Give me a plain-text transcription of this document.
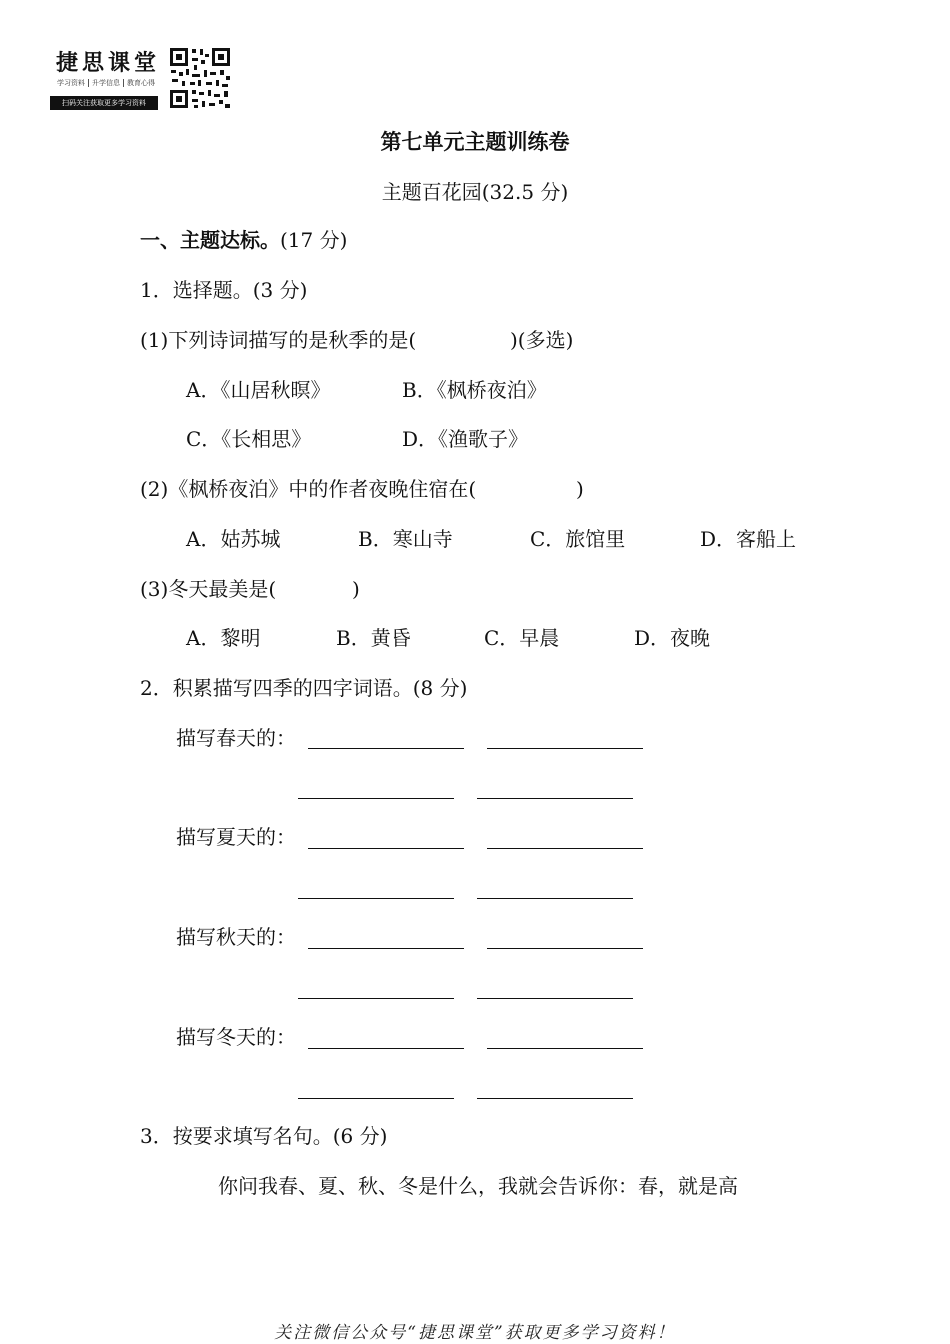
捷思课堂
学习资料 升学信息 教育心得
扫码关注获取更多学习资料
第七单元主题训练卷
主题百花园(32.5 分)
一、主题达标。(17 分)
1．选择题。(3 分)
(1)下列诗词描写的是秋季的是(	)(多选)
A．《山居秋暝》	B．《枫桥夜泊》
C．《长相思》	D．《渔歌子》
(2)《枫桥夜泊》中的作者夜晚住宿在(	)
A．姑苏城	B．寒山寺	C．旅馆里	D．客船上
(3)冬天最美是(	)
A．黎明	B．黄昏	C．早晨	D．夜晚
2．积累描写四季的四字词语。(8 分)
描写春天的：
描写夏天的：
描写秋天的：
描写冬天的：
3．按要求填写名句。(6 分)
你问我春、夏、秋、冬是什么，我就会告诉你：春，就是高
关注微信公众号“捷思课堂”获取更多学习资料！
